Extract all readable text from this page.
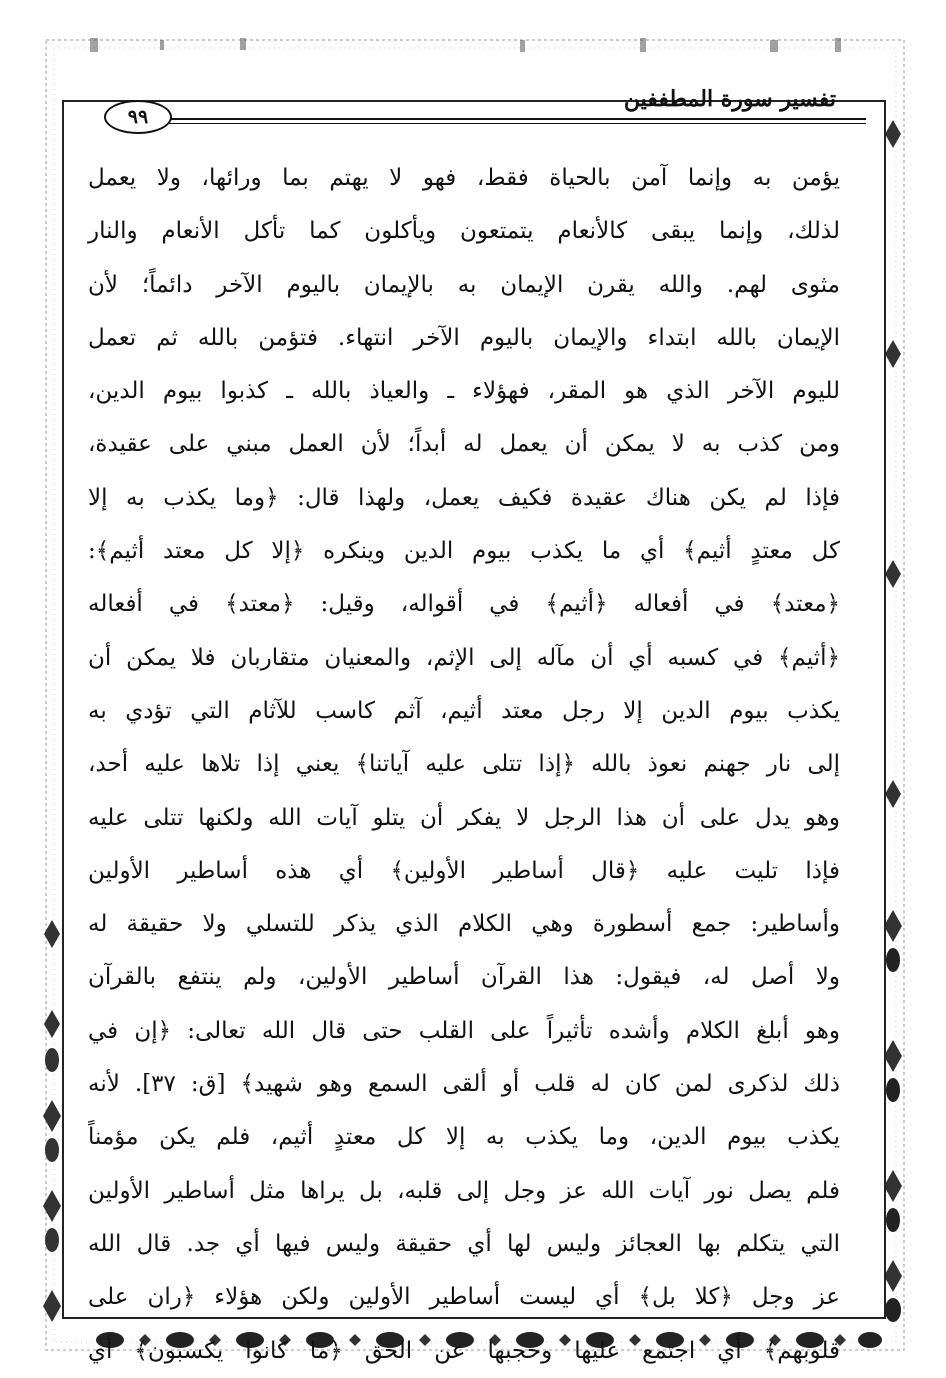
تفسير سورة المطففين
٩٩
يؤمن به وإنما آمن بالحياة فقط، فهو لا يهتم بما ورائها، ولا يعمل
لذلك، وإنما يبقى كالأنعام يتمتعون ويأكلون كما تأكل الأنعام والنار
مثوى لهم. والله يقرن الإيمان به بالإيمان باليوم الآخر دائماً؛ لأن
الإيمان بالله ابتداء والإيمان باليوم الآخر انتهاء. فتؤمن بالله ثم تعمل
لليوم الآخر الذي هو المقر، فهؤلاء ـ والعياذ بالله ـ كذبوا بيوم الدين،
ومن كذب به لا يمكن أن يعمل له أبداً؛ لأن العمل مبني على عقيدة،
فإذا لم يكن هناك عقيدة فكيف يعمل، ولهذا قال: ﴿وما يكذب به إلا
كل معتدٍ أثيم﴾ أي ما يكذب بيوم الدين وينكره ﴿إلا كل معتد أثيم﴾:
﴿معتد﴾ في أفعاله ﴿أثيم﴾ في أقواله، وقيل: ﴿معتد﴾ في أفعاله
﴿أثيم﴾ في كسبه أي أن مآله إلى الإثم، والمعنيان متقاربان فلا يمكن أن
يكذب بيوم الدين إلا رجل معتد أثيم، آثم كاسب للآثام التي تؤدي به
إلى نار جهنم نعوذ بالله ﴿إذا تتلى عليه آياتنا﴾ يعني إذا تلاها عليه أحد،
وهو يدل على أن هذا الرجل لا يفكر أن يتلو آيات الله ولكنها تتلى عليه
فإذا تليت عليه ﴿قال أساطير الأولين﴾ أي هذه أساطير الأولين
وأساطير: جمع أسطورة وهي الكلام الذي يذكر للتسلي ولا حقيقة له
ولا أصل له، فيقول: هذا القرآن أساطير الأولين، ولم ينتفع بالقرآن
وهو أبلغ الكلام وأشده تأثيراً على القلب حتى قال الله تعالى: ﴿إن في
ذلك لذكرى لمن كان له قلب أو ألقى السمع وهو شهيد﴾ [ق: ٣٧]. لأنه
يكذب بيوم الدين، وما يكذب به إلا كل معتدٍ أثيم، فلم يكن مؤمناً
فلم يصل نور آيات الله عز وجل إلى قلبه، بل يراها مثل أساطير الأولين
التي يتكلم بها العجائز وليس لها أي حقيقة وليس فيها أي جد. قال الله
عز وجل ﴿كلا بل﴾ أي ليست أساطير الأولين ولكن هؤلاء ﴿ران على
قلوبهم﴾ أي اجتمع عليها وحجبها عن الحق ﴿ما كانوا يكسبون﴾ أي
